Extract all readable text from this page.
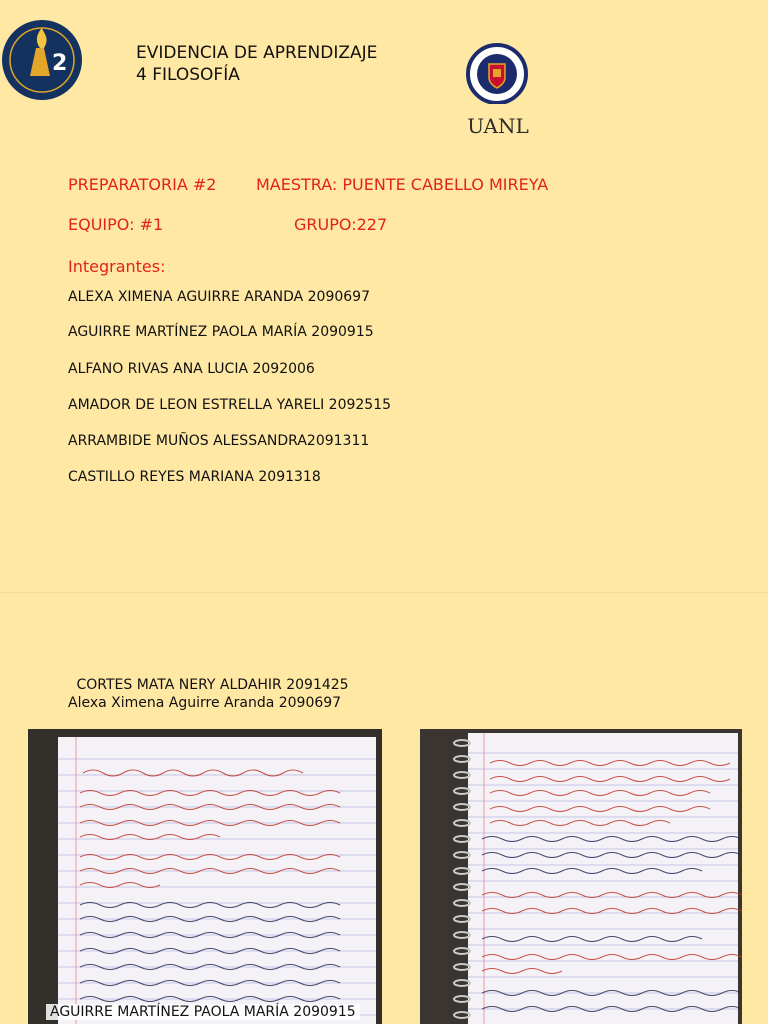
2	EVIDENCIA DE APRENDIZAJE
4 FILOSOFÍA
UANL
PREPARATORIA #2 MAESTRA: PUENTE CABELLO MIREYA
EQUIPO: #1	GRUPO:227
Integrantes:
ALEXA XIMENA AGUIRRE ARANDA 2090697
AGUIRRE MARTÍNEZ PAOLA MARÍA 2090915
ALFANO RIVAS ANA LUCIA 2092006
AMADOR DE LEON ESTRELLA YARELI 2092515
ARRAMBIDE MUÑOS ALESSANDRA2091311
CASTILLO REYES MARIANA 2091318
CORTES MATA NERY ALDAHIR 2091425
Alexa Ximena Aguirre Aranda 2090697
AGUIRRE MARTÍNEZ PAOLA MARÍA 2090915
